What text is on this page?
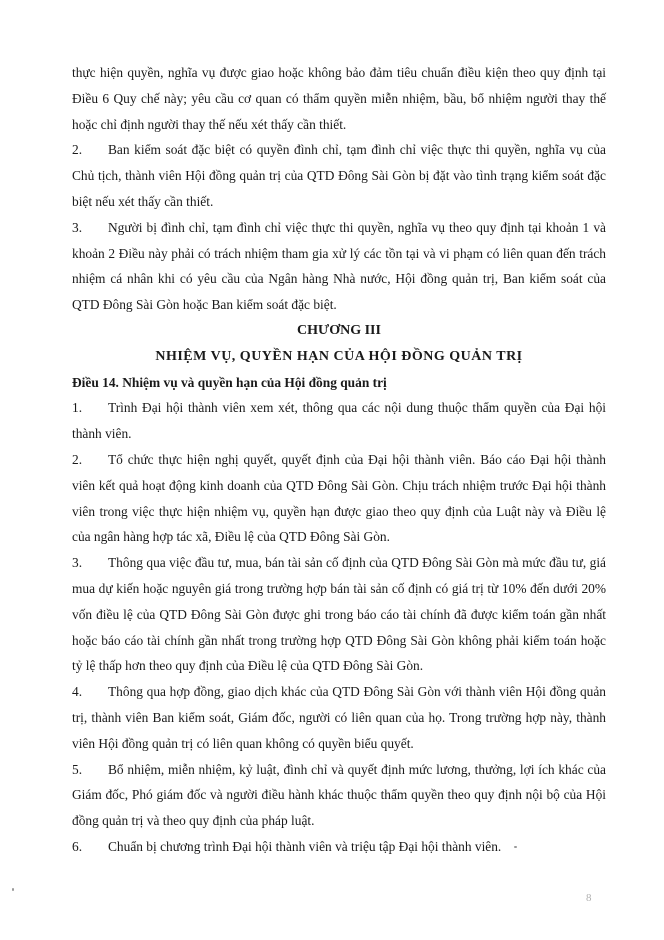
thực hiện quyền, nghĩa vụ được giao hoặc không bảo đảm tiêu chuẩn điều kiện theo quy định tại Điều 6 Quy chế này; yêu cầu cơ quan có thẩm quyền miễn nhiệm, bầu, bổ nhiệm người thay thế hoặc chỉ định người thay thế nếu xét thấy cần thiết.

2. Ban kiểm soát đặc biệt có quyền đình chỉ, tạm đình chỉ việc thực thi quyền, nghĩa vụ của Chủ tịch, thành viên Hội đồng quản trị của QTD Đông Sài Gòn bị đặt vào tình trạng kiểm soát đặc biệt nếu xét thấy cần thiết.

3. Người bị đình chỉ, tạm đình chỉ việc thực thi quyền, nghĩa vụ theo quy định tại khoản 1 và khoản 2 Điều này phải có trách nhiệm tham gia xử lý các tồn tại và vi phạm có liên quan đến trách nhiệm cá nhân khi có yêu cầu của Ngân hàng Nhà nước, Hội đồng quản trị, Ban kiểm soát của QTD Đông Sài Gòn hoặc Ban kiểm soát đặc biệt.

CHƯƠNG III

NHIỆM VỤ, QUYỀN HẠN CỦA HỘI ĐỒNG QUẢN TRỊ

Điều 14. Nhiệm vụ và quyền hạn của Hội đồng quản trị

1. Trình Đại hội thành viên xem xét, thông qua các nội dung thuộc thẩm quyền của Đại hội thành viên.

2. Tổ chức thực hiện nghị quyết, quyết định của Đại hội thành viên. Báo cáo Đại hội thành viên kết quả hoạt động kinh doanh của QTD Đông Sài Gòn. Chịu trách nhiệm trước Đại hội thành viên trong việc thực hiện nhiệm vụ, quyền hạn được giao theo quy định của Luật này và Điều lệ của ngân hàng hợp tác xã, Điều lệ của QTD Đông Sài Gòn.

3. Thông qua việc đầu tư, mua, bán tài sản cố định của QTD Đông Sài Gòn mà mức đầu tư, giá mua dự kiến hoặc nguyên giá trong trường hợp bán tài sản cố định có giá trị từ 10% đến dưới 20% vốn điều lệ của QTD Đông Sài Gòn được ghi trong báo cáo tài chính đã được kiểm toán gần nhất hoặc báo cáo tài chính gần nhất trong trường hợp QTD Đông Sài Gòn không phải kiểm toán hoặc tỷ lệ thấp hơn theo quy định của Điều lệ của QTD Đông Sài Gòn.

4. Thông qua hợp đồng, giao dịch khác của QTD Đông Sài Gòn với thành viên Hội đồng quản trị, thành viên Ban kiểm soát, Giám đốc, người có liên quan của họ. Trong trường hợp này, thành viên Hội đồng quản trị có liên quan không có quyền biểu quyết.

5. Bổ nhiệm, miễn nhiệm, kỷ luật, đình chỉ và quyết định mức lương, thưởng, lợi ích khác của Giám đốc, Phó giám đốc và người điều hành khác thuộc thẩm quyền theo quy định nội bộ của Hội đồng quản trị và theo quy định của pháp luật.

6. Chuẩn bị chương trình Đại hội thành viên và triệu tập Đại hội thành viên.

8
